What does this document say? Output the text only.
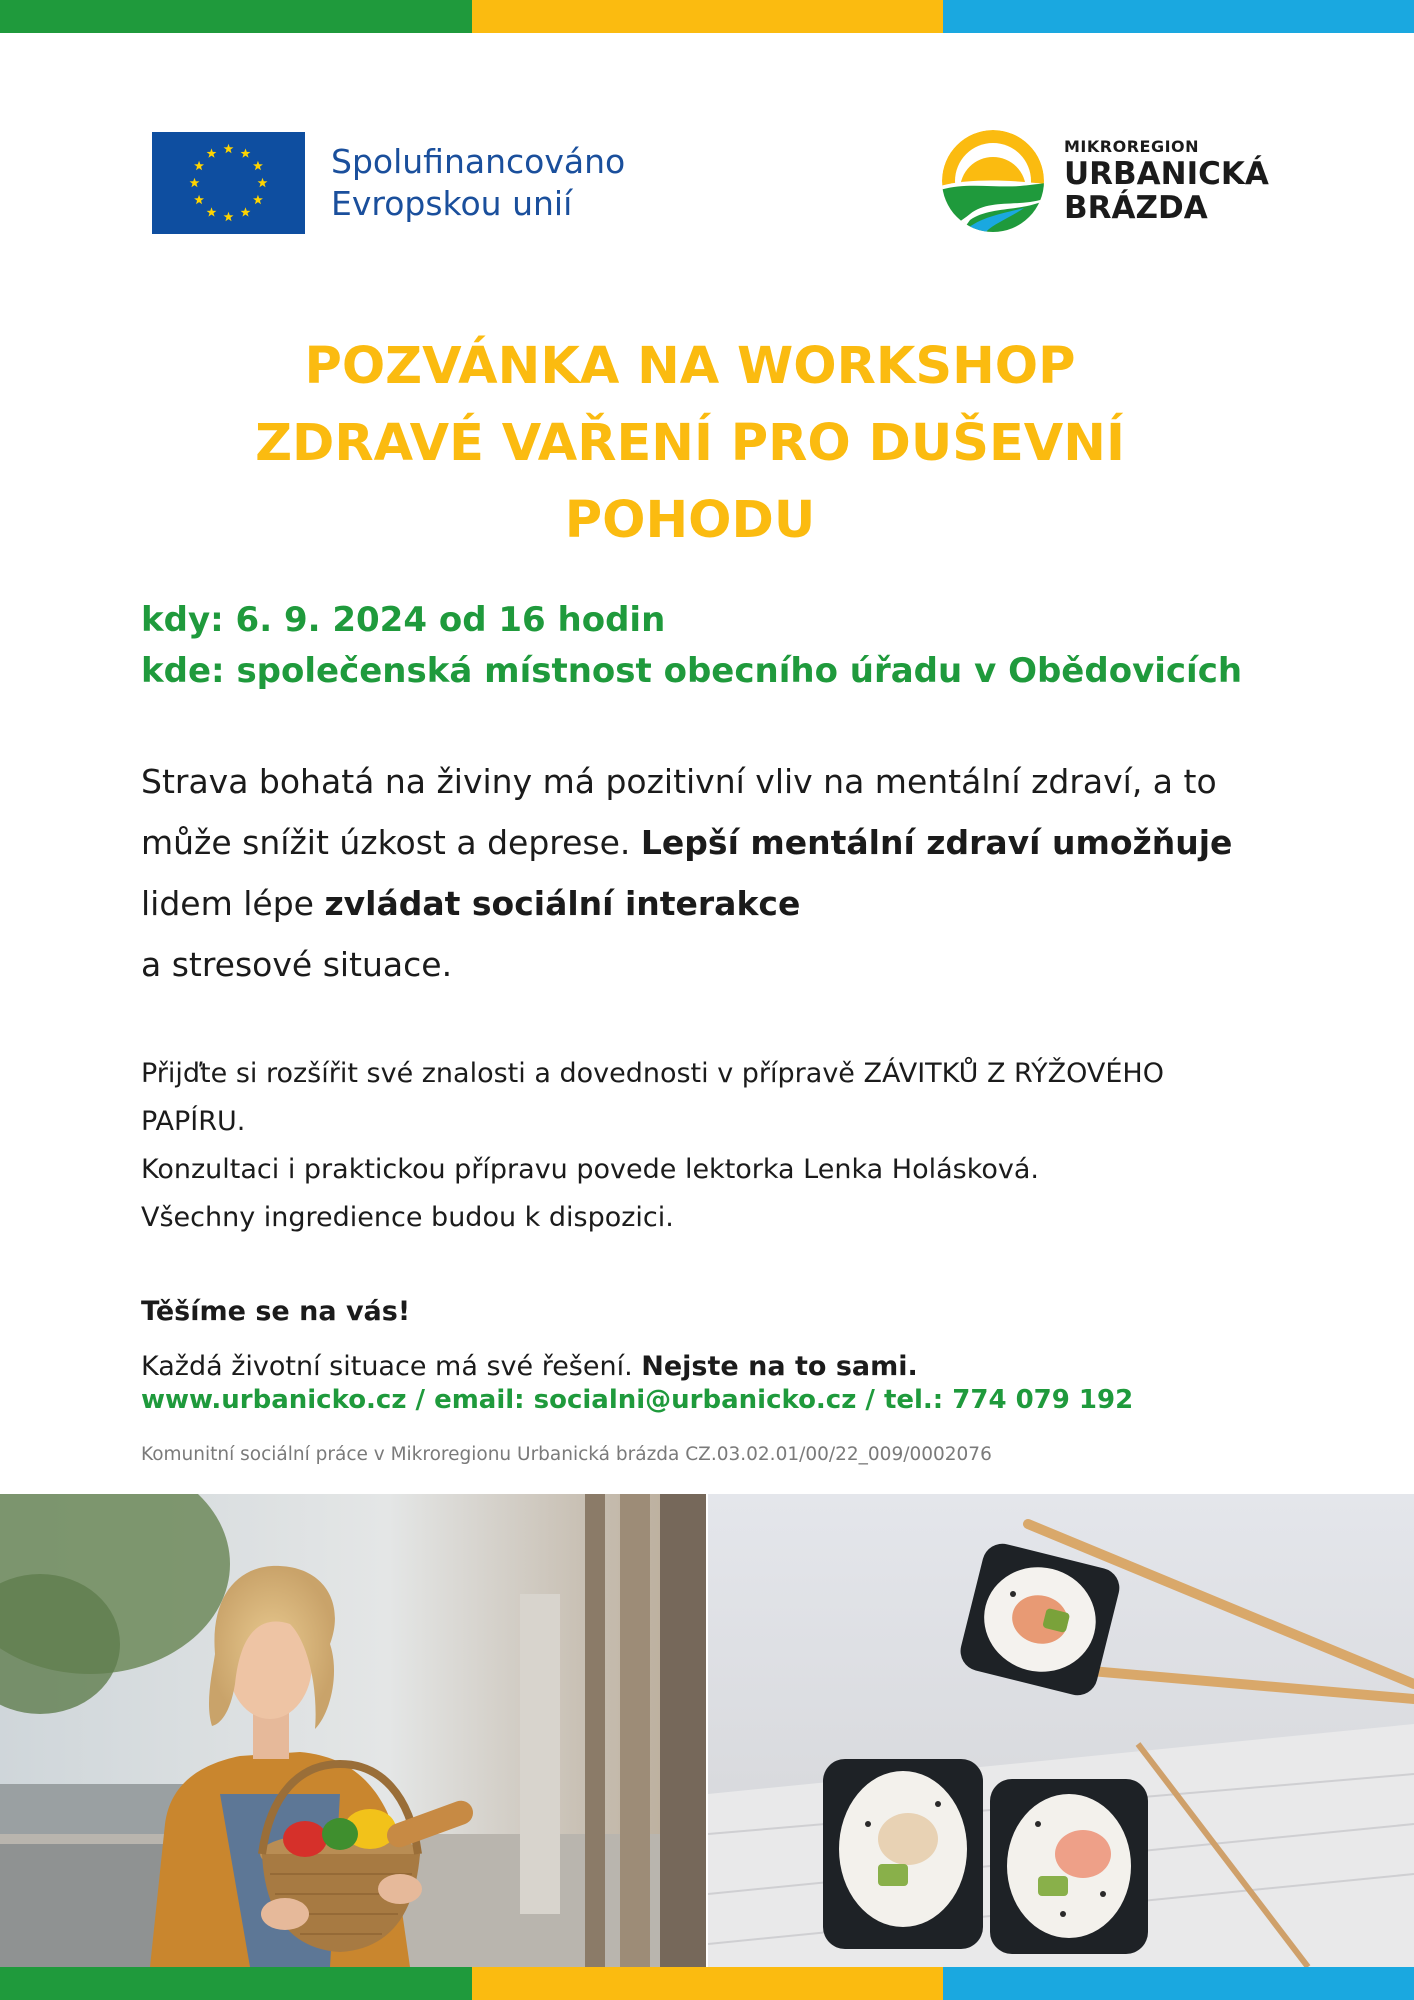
Spolufinancováno
Evropskou unií
MIKROREGION
URBANICKÁ
BRÁZDA
POZVÁNKA NA WORKSHOP
ZDRAVÉ VAŘENÍ PRO DUŠEVNÍ
POHODU
kdy: 6. 9. 2024 od 16 hodin
kde: společenská místnost obecního úřadu v Obědovicích

Strava bohatá na živiny má pozitivní vliv na mentální zdraví, a to může snížit úzkost a deprese. Lepší mentální zdraví umožňuje lidem lépe zvládat sociální interakce
a stresové situace.

Přijďte si rozšířit své znalosti a dovednosti v přípravě ZÁVITKŮ Z RÝŽOVÉHO PAPÍRU.
Konzultaci i praktickou přípravu povede lektorka Lenka Holásková.
Všechny ingredience budou k dispozici.
Těšíme se na vás!
Každá životní situace má své řešení. Nejste na to sami.
www.urbanicko.cz / email: socialni@urbanicko.cz / tel.: 774 079 192
Komunitní sociální práce v Mikroregionu Urbanická brázda CZ.03.02.01/00/22_009/0002076
